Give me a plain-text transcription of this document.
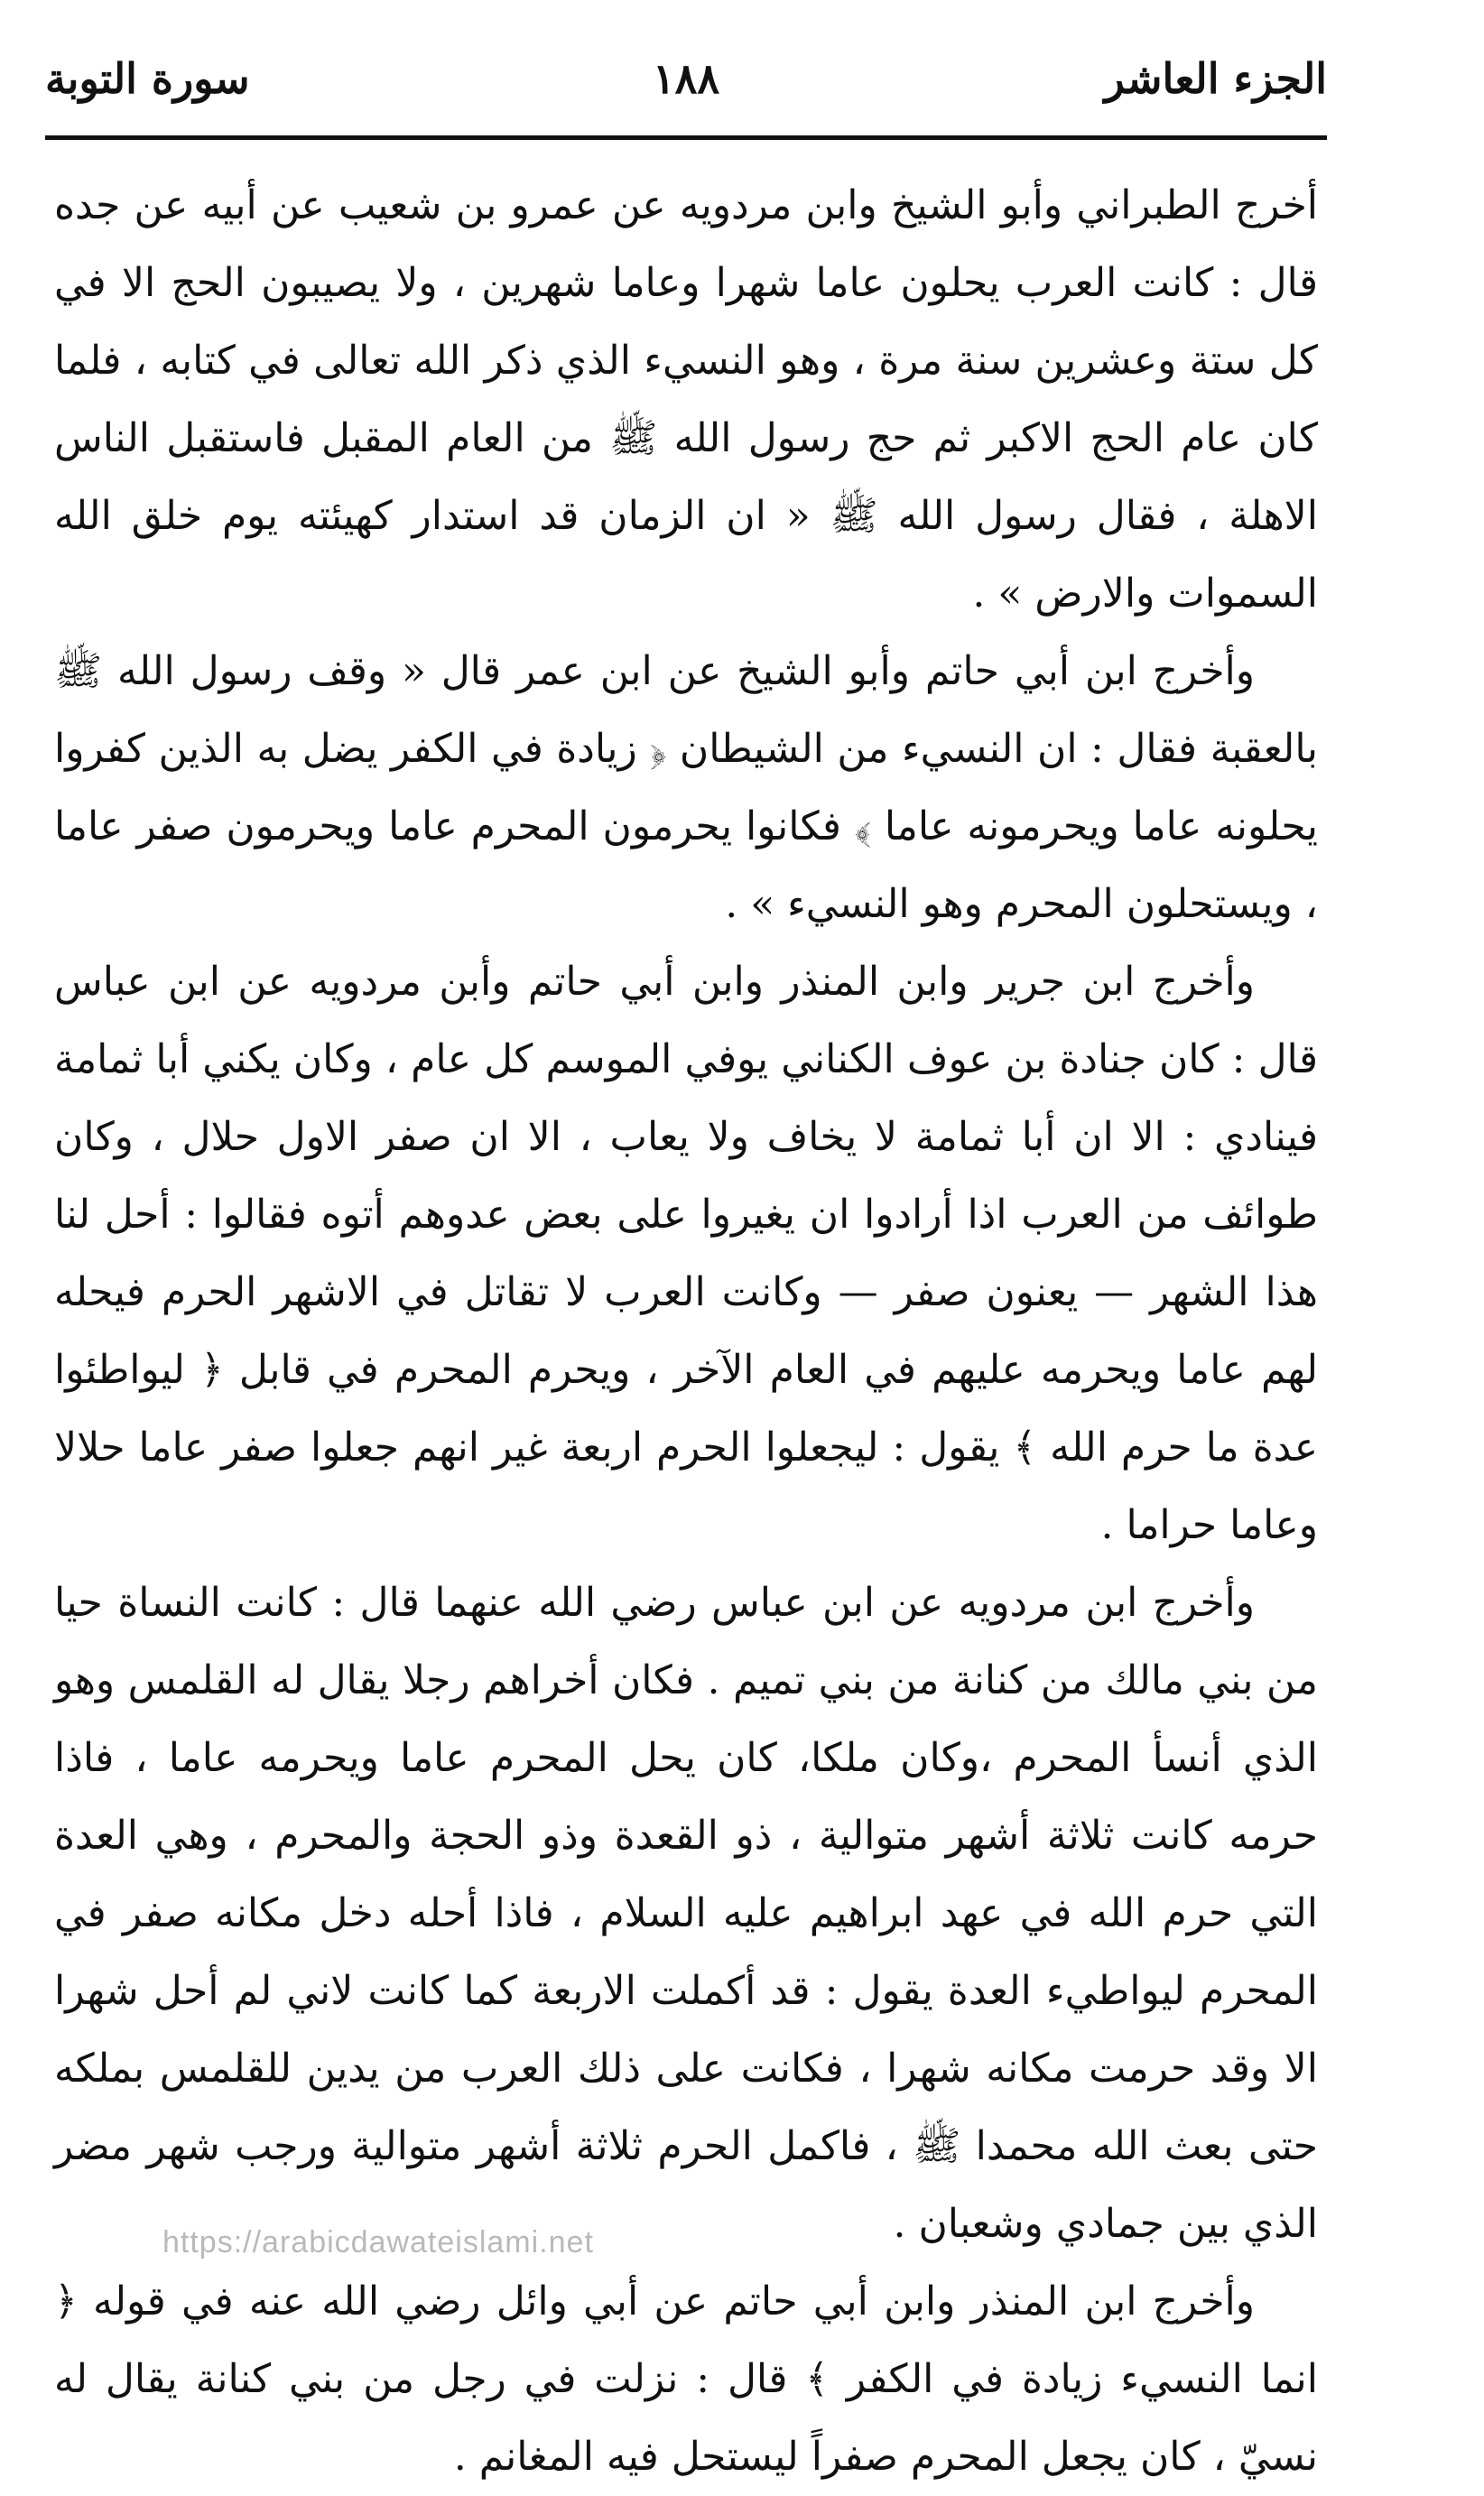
الجزء العاشر
١٨٨
سورة التوبة

أخرج الطبراني وأبو الشيخ وابن مردويه عن عمرو بن شعيب عن أبيه عن جده قال : كانت العرب يحلون عاما شهرا وعاما شهرين ، ولا يصيبون الحج الا في كل ستة وعشرين سنة مرة ، وهو النسيء الذي ذكر الله تعالى في كتابه ، فلما كان عام الحج الاكبر ثم حج رسول الله ﷺ من العام المقبل فاستقبل الناس الاهلة ، فقال رسول الله ﷺ « ان الزمان قد استدار كهيئته يوم خلق الله السموات والارض » .

وأخرج ابن أبي حاتم وأبو الشيخ عن ابن عمر قال « وقف رسول الله ﷺ بالعقبة فقال : ان النسيء من الشيطان ﴿ زيادة في الكفر يضل به الذين كفروا يحلونه عاما ويحرمونه عاما ﴾ فكانوا يحرمون المحرم عاما ويحرمون صفر عاما ، ويستحلون المحرم وهو النسيء » .

وأخرج ابن جرير وابن المنذر وابن أبي حاتم وأبن مردويه عن ابن عباس قال : كان جنادة بن عوف الكناني يوفي الموسم كل عام ، وكان يكني أبا ثمامة فينادي : الا ان أبا ثمامة لا يخاف ولا يعاب ، الا ان صفر الاول حلال ، وكان طوائف من العرب اذا أرادوا ان يغيروا على بعض عدوهم أتوه فقالوا : أحل لنا هذا الشهر — يعنون صفر — وكانت العرب لا تقاتل في الاشهر الحرم فيحله لهم عاما ويحرمه عليهم في العام الآخر ، ويحرم المحرم في قابل ﴿ ليواطئوا عدة ما حرم الله ﴾ يقول : ليجعلوا الحرم اربعة غير انهم جعلوا صفر عاما حلالا وعاما حراما .

وأخرج ابن مردويه عن ابن عباس رضي الله عنهما قال : كانت النساة حيا من بني مالك من كنانة من بني تميم . فكان أخراهم رجلا يقال له القلمس وهو الذي أنسأ المحرم ،وكان ملكا، كان يحل المحرم عاما ويحرمه عاما ، فاذا حرمه كانت ثلاثة أشهر متوالية ، ذو القعدة وذو الحجة والمحرم ، وهي العدة التي حرم الله في عهد ابراهيم عليه السلام ، فاذا أحله دخل مكانه صفر في المحرم ليواطيء العدة يقول : قد أكملت الاربعة كما كانت لاني لم أحل شهرا الا وقد حرمت مكانه شهرا ، فكانت على ذلك العرب من يدين للقلمس بملكه حتى بعث الله محمدا ﷺ ، فاكمل الحرم ثلاثة أشهر متوالية ورجب شهر مضر الذي بين جمادي وشعبان .

وأخرج ابن المنذر وابن أبي حاتم عن أبي وائل رضي الله عنه في قوله ﴿ انما النسيء زيادة في الكفر ﴾ قال : نزلت في رجل من بني كنانة يقال له نسيّ ، كان يجعل المحرم صفراً ليستحل فيه المغانم .

https://arabicdawateislami.net
